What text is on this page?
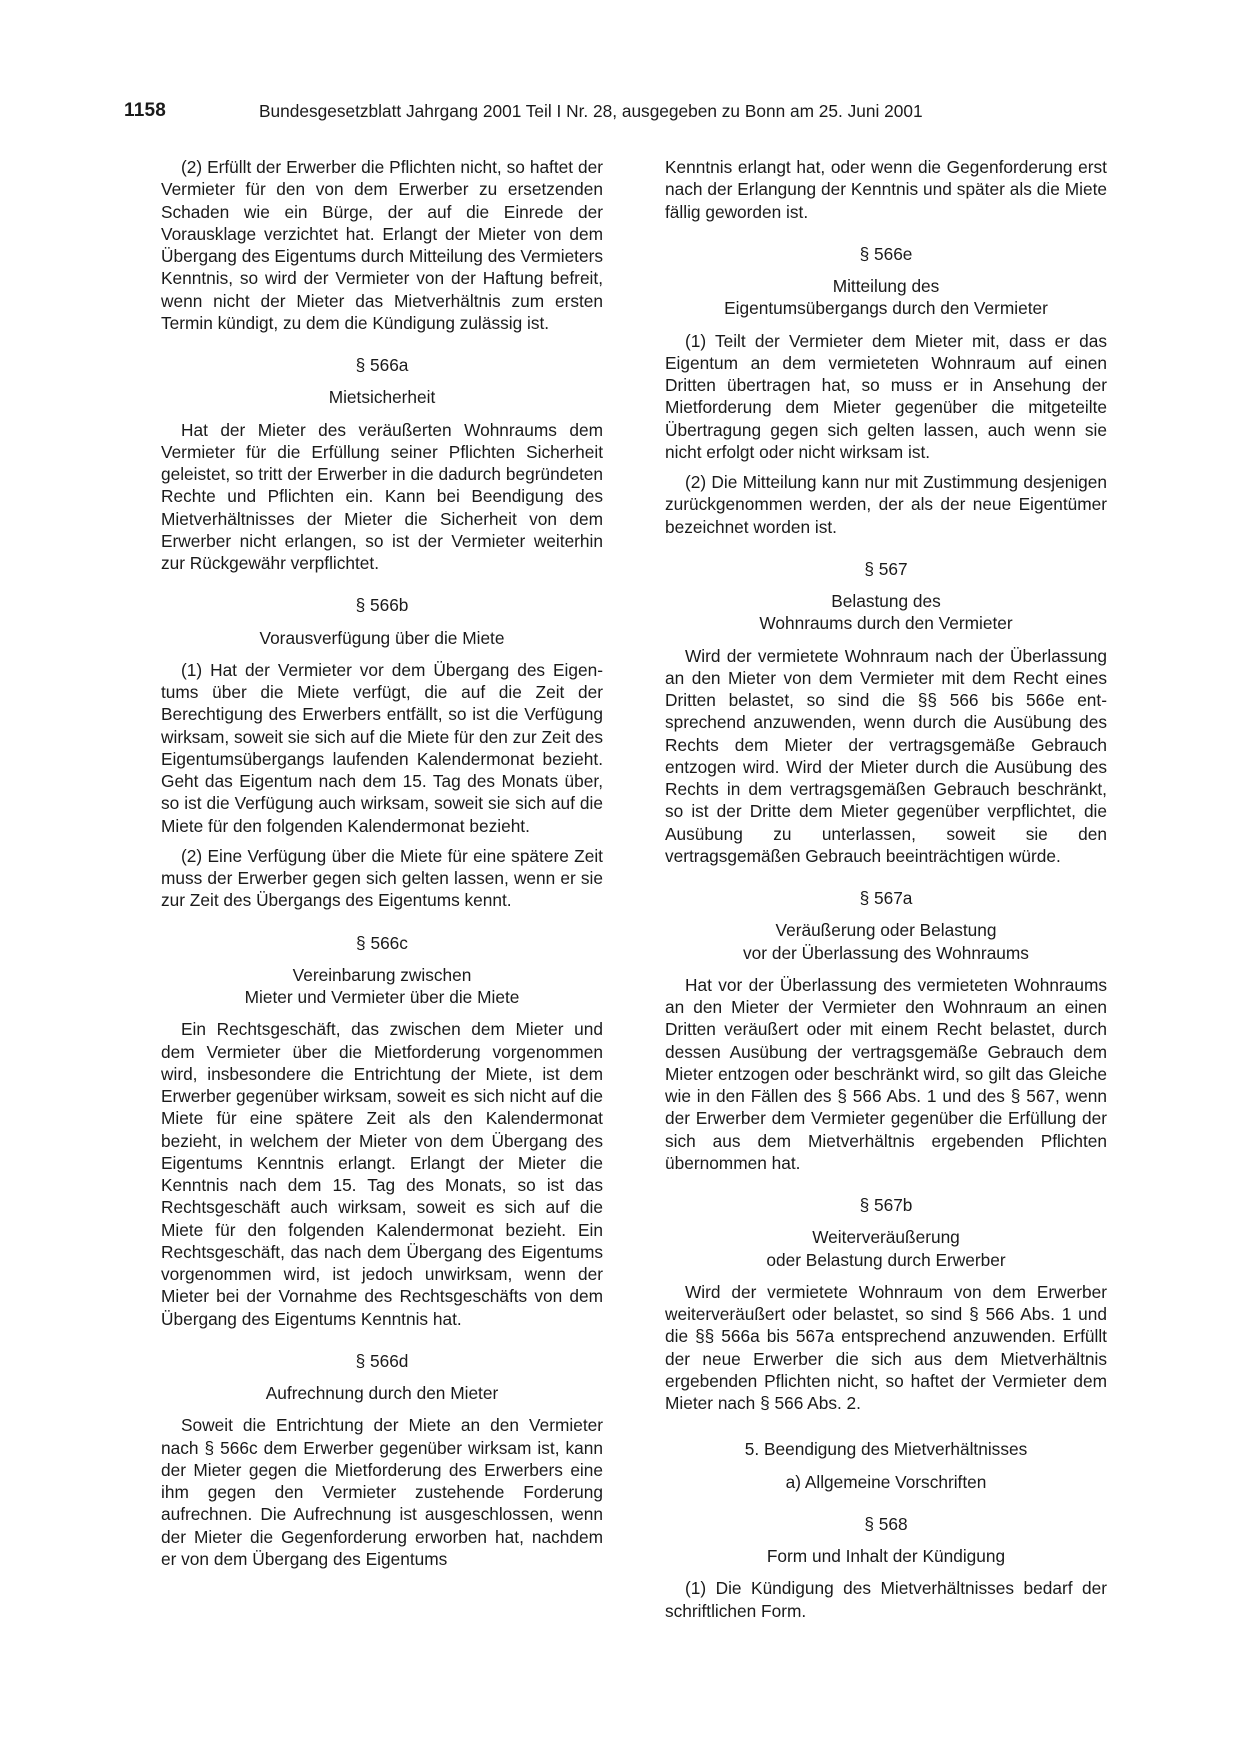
1158	Bundesgesetzblatt Jahrgang 2001 Teil I Nr. 28, ausgegeben zu Bonn am 25. Juni 2001

(2) Erfüllt der Erwerber die Pflichten nicht, so haftet der Vermieter für den von dem Erwerber zu ersetzenden Schaden wie ein Bürge, der auf die Einrede der Vorausklage verzichtet hat. Erlangt der Mieter von dem Übergang des Eigentums durch Mitteilung des Vermieters Kenntnis, so wird der Vermieter von der Haftung befreit, wenn nicht der Mieter das Mietverhältnis zum ersten Termin kündigt, zu dem die Kündigung zulässig ist.

§ 566a
Mietsicherheit

Hat der Mieter des veräußerten Wohnraums dem Vermieter für die Erfüllung seiner Pflichten Sicherheit geleistet, so tritt der Erwerber in die dadurch begründeten Rechte und Pflichten ein. Kann bei Beendigung des Mietverhältnisses der Mieter die Sicherheit von dem Erwerber nicht erlangen, so ist der Vermieter weiterhin zur Rückgewähr verpflichtet.

§ 566b
Vorausverfügung über die Miete

(1) Hat der Vermieter vor dem Übergang des Eigentums über die Miete verfügt, die auf die Zeit der Berechtigung des Erwerbers entfällt, so ist die Verfügung wirksam, soweit sie sich auf die Miete für den zur Zeit des Eigentumsübergangs laufenden Kalendermonat bezieht. Geht das Eigentum nach dem 15. Tag des Monats über, so ist die Verfügung auch wirksam, soweit sie sich auf die Miete für den folgenden Kalendermonat bezieht.

(2) Eine Verfügung über die Miete für eine spätere Zeit muss der Erwerber gegen sich gelten lassen, wenn er sie zur Zeit des Übergangs des Eigentums kennt.

§ 566c
Vereinbarung zwischen
Mieter und Vermieter über die Miete

Ein Rechtsgeschäft, das zwischen dem Mieter und dem Vermieter über die Mietforderung vorgenommen wird, insbesondere die Entrichtung der Miete, ist dem Erwerber gegenüber wirksam, soweit es sich nicht auf die Miete für eine spätere Zeit als den Kalendermonat bezieht, in welchem der Mieter von dem Übergang des Eigentums Kenntnis erlangt. Erlangt der Mieter die Kenntnis nach dem 15. Tag des Monats, so ist das Rechtsgeschäft auch wirksam, soweit es sich auf die Miete für den folgenden Kalendermonat bezieht. Ein Rechtsgeschäft, das nach dem Übergang des Eigentums vorgenommen wird, ist jedoch unwirksam, wenn der Mieter bei der Vornahme des Rechtsgeschäfts von dem Übergang des Eigentums Kenntnis hat.

§ 566d
Aufrechnung durch den Mieter

Soweit die Entrichtung der Miete an den Vermieter nach § 566c dem Erwerber gegenüber wirksam ist, kann der Mieter gegen die Mietforderung des Erwerbers eine ihm gegen den Vermieter zustehende Forderung aufrechnen. Die Aufrechnung ist ausgeschlossen, wenn der Mieter die Gegenforderung erworben hat, nachdem er von dem Übergang des Eigentums

Kenntnis erlangt hat, oder wenn die Gegenforderung erst nach der Erlangung der Kenntnis und später als die Miete fällig geworden ist.

§ 566e
Mitteilung des
Eigentumsübergangs durch den Vermieter

(1) Teilt der Vermieter dem Mieter mit, dass er das Eigentum an dem vermieteten Wohnraum auf einen Dritten übertragen hat, so muss er in Ansehung der Mietforderung dem Mieter gegenüber die mitgeteilte Übertragung gegen sich gelten lassen, auch wenn sie nicht erfolgt oder nicht wirksam ist.

(2) Die Mitteilung kann nur mit Zustimmung desjenigen zurückgenommen werden, der als der neue Eigentümer bezeichnet worden ist.

§ 567
Belastung des
Wohnraums durch den Vermieter

Wird der vermietete Wohnraum nach der Überlassung an den Mieter von dem Vermieter mit dem Recht eines Dritten belastet, so sind die §§ 566 bis 566e entsprechend anzuwenden, wenn durch die Ausübung des Rechts dem Mieter der vertragsgemäße Gebrauch entzogen wird. Wird der Mieter durch die Ausübung des Rechts in dem vertragsgemäßen Gebrauch beschränkt, so ist der Dritte dem Mieter gegenüber verpflichtet, die Ausübung zu unterlassen, soweit sie den vertragsgemäßen Gebrauch beeinträchtigen würde.

§ 567a
Veräußerung oder Belastung
vor der Überlassung des Wohnraums

Hat vor der Überlassung des vermieteten Wohnraums an den Mieter der Vermieter den Wohnraum an einen Dritten veräußert oder mit einem Recht belastet, durch dessen Ausübung der vertragsgemäße Gebrauch dem Mieter entzogen oder beschränkt wird, so gilt das Gleiche wie in den Fällen des § 566 Abs. 1 und des § 567, wenn der Erwerber dem Vermieter gegenüber die Erfüllung der sich aus dem Mietverhältnis ergebenden Pflichten übernommen hat.

§ 567b
Weiterveräußerung
oder Belastung durch Erwerber

Wird der vermietete Wohnraum von dem Erwerber weiterveräußert oder belastet, so sind § 566 Abs. 1 und die §§ 566a bis 567a entsprechend anzuwenden. Erfüllt der neue Erwerber die sich aus dem Mietverhältnis ergebenden Pflichten nicht, so haftet der Vermieter dem Mieter nach § 566 Abs. 2.

5. Beendigung des Mietverhältnisses
a) Allgemeine Vorschriften
§ 568
Form und Inhalt der Kündigung

(1) Die Kündigung des Mietverhältnisses bedarf der schriftlichen Form.
